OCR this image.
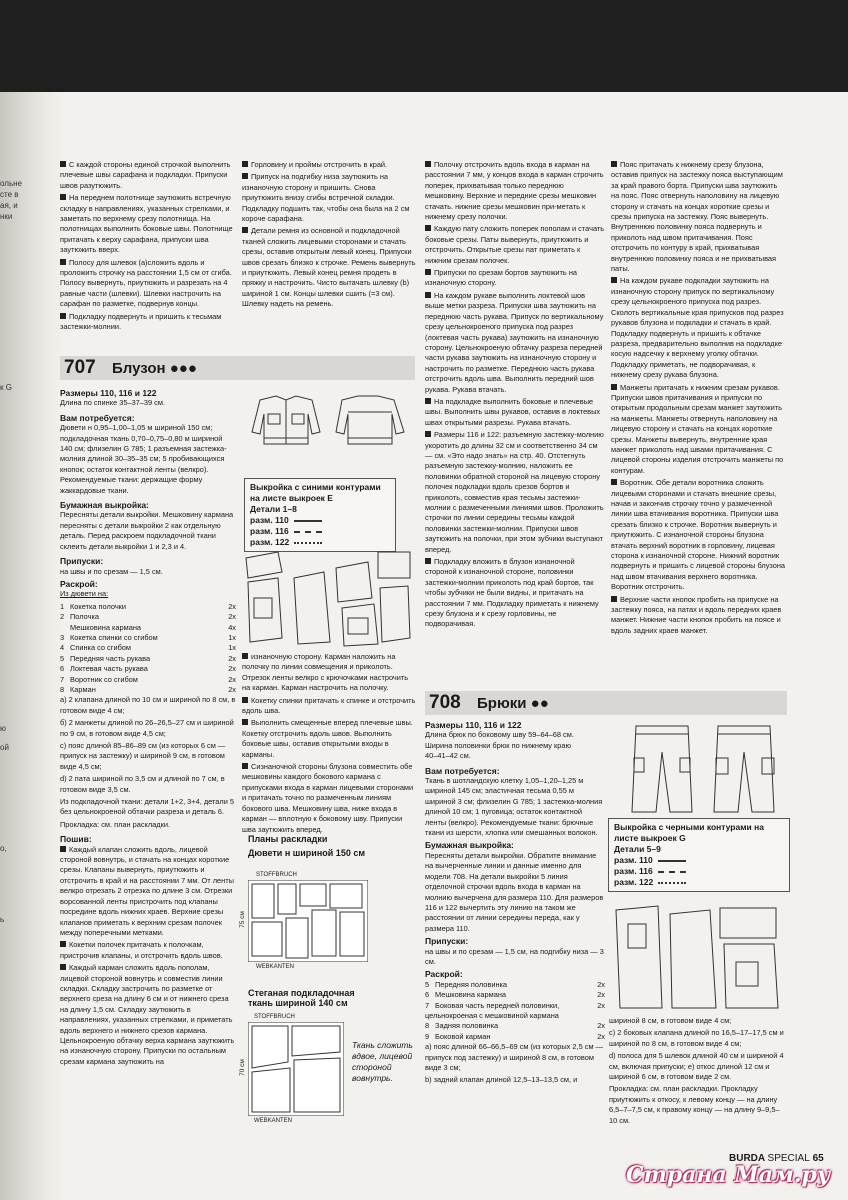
ольнесте вая, инки
к G
ю
ой
о,
ь

С каждой стороны единой строчкой выполнить плечевые швы сарафана и подкладки. Припуски швов разутюжить.

На переднем полотнище заутюжить встречную складку в направлениях, указанных стрелками, и заметать по верхнему срезу полотнища. На полотнищах выполнить боковые швы. Полотнище притачать к верху сарафана, припуски шва заутюжить вверх.

Полосу для шлевок (а)сложить вдоль и проложить строчку на расстоянии 1,5 см от сгиба. Полосу вывернуть, приутюжить и разрезать на 4 равные части (шлевки). Шлевки настрочить на сарафан по разметке, подвернув концы.

Подкладку подвернуть и пришить к тесьмам застежки-молнии.

707 Блузон ●●●
Размеры 110, 116 и 122

Длина по спинке 35–37–39 см.

Вам потребуется:

Дювети н 0,95–1,00–1,05 м шириной 150 см; подкладочная ткань 0,70–0,75–0,80 м шириной 140 см; флизелин G 785; 1 разъемная застежка-молния длиной 30–35–35 см; 5 пробивающихся кнопок; остаток контактной ленты (велкро). Рекомендуемые ткани: держащие форму жаккардовые ткани.

Бумажная выкройка:

Пересняты детали выкройки. Мешковину кармана пересняты с детали выкройки 2 как отдельную деталь. Перед раскроем подкладочной ткани склеить детали выкройки 1 и 2,3 и 4.

Припуски:

на швы и по срезам — 1,5 см.

Раскрой:

Из дювети на:

1 Кокетка полочки	2х
2 Полочка	2х
Мешковина кармана	4х
3 Кокетка спинки со сгибом	1х
4 Спинка со сгибом	1х
5 Передняя часть рукава	2х
6 Локтевая часть рукава	2х
7 Воротник со сгибом	2х
8 Карман	2х

а) 2 клапана длиной по 10 см и шириной по 8 см, в готовом виде 4 см;

б) 2 манжеты длиной по 26–26,5–27 см и шириной по 9 см, в готовом виде 4,5 см;

с) пояс длиной 85–86–89 см (из которых 6 см — припуск на застежку) и шириной 9 см, в готовом виде 4,5 см;

d) 2 пата шириной по 3,5 см и длиной по 7 см, в готовом виде 3,5 см.

Из подкладочной ткани: детали 1+2, 3+4, детали 5 без цельнокроеной обтачки разреза и деталь 6.

Прокладка: см. план раскладки.

Пошив:

Каждый клапан сложить вдоль, лицевой стороной вовнутрь, и стачать на концах короткие срезы. Клапаны вывернуть, приутюжить и отстрочить в край и на расстоянии 7 мм. От ленты велкро отрезать 2 отрезка по длине 3 см. Отрезки ворсованной ленты пристрочить под клапаны посредине вдоль нижних краев. Верхние срезы клапанов приметать к верхним срезам полочек между поперечными метками.

Кокетки полочек притачать к полочкам, пристрочив клапаны, и отстрочить вдоль швов.

Каждый карман сложить вдоль пополам, лицевой стороной вовнутрь и совместив линии складки. Складку застрочить по разметке от верхнего среза на длину 6 см и от нижнего среза на длину 1,5 см. Складку заутюжить в направлениях, указанных стрелками, и приметать вдоль верхнего и нижнего срезов кармана. Цельнокроеную обтачку верха кармана заутюжить на изнаночную сторону. Припуски по остальным срезам кармана заутюжить на

Горловину и проймы отстрочить в край.

Припуск на подгибку низа заутюжить на изнаночную сторону и пришить. Снова приутюжить внизу сгибы встречной складки. Подкладку подшить так, чтобы она была на 2 см короче сарафана.

Детали ремня из основной и подкладочной тканей сложить лицевыми сторонами и стачать срезы, оставив открытым левый конец. Припуски швов срезать близко к строчке. Ремень вывернуть и приутюжить. Левый конец ремня продеть в пряжку и настрочить. Чисто вытачать шлевку (b) шириной 1 см. Концы шлевки сшить (=3 см). Шлевку надеть на ремень.

Выкройка с синими контурами на листе выкроек E
Детали 1–8
разм. 110
разм. 116
разм. 122

изнаночную сторону. Карман наложить на полочку по линии совмещения и приколоть. Отрезок ленты велкро с крючочками настрочить на карман. Карман настрочить на полочку.

Кокетку спинки притачать к спинке и отстрочить вдоль шва.

Выполнить смещенные вперед плечевые швы. Кокетку отстрочить вдоль швов. Выполнить боковые швы, оставив открытыми входы в карманы.

Сизнаночной стороны блузона совместить обе мешковины каждого бокового кармана с припусками входа в карман лицевыми сторонами и притачать точно по размеченным линиям бокового шва. Мешковину шва, ниже входа в карман — вплотную к боковому шву. Припуски шва заутюжить вперед.

Планы раскладки
Дювети н шириной 150 см
STOFFBRUCH
75 см
WEBKANTEN
Стеганая подкладочная ткань шириной 140 см
STOFFBRUCH
70 см
WEBKANTEN
Ткань сложить вдвое, лицевой стороной вовнутрь.

Полочку отстрочить вдоль входа в карман на расстоянии 7 мм, у концов входа в карман строчить поперек, прихватывая только переднюю мешковину. Верхние и передние срезы мешковин стачать. нижние срезы мешковин при-метать к нижнему срезу полочки.

Каждую пату сложить поперек пополам и стачать боковые срезы. Паты вывернуть, приутюжить и отстрочить. Открытые срезы пат приметать к нижним срезам полочек.

Припуски по срезам бортов заутюжить на изнаночную сторону.

На каждом рукаве выполнить локтевой шов выше метки разреза. Припуски шва заутюжить на переднюю часть рукава. Припуск по вертикальному срезу цельнокроеного припуска под разрез (локтевая часть рукава) заутюжить на изнаночную сторону. Цельнокроеную обтачку разреза передней части рукава заутюжить на изнаночную сторону и настрочить по разметке. Переднюю часть рукава отстрочить вдоль шва. Выполнить передний шов рукава. Рукава втачать.

На подкладке выполнить боковые и плечевые швы. Выполнить швы рукавов, оставив в локтевых швах открытыми разрезы. Рукава втачать.

Размеры 116 и 122: разъемную застежку-молнию укоротить до длины 32 см и соответственно 34 см — см. «Это надо знать» на стр. 40. Отстегнуть разъемную застежку-молнию, наложить ее половинки обратной стороной на лицевую сторону полочек подкладки вдоль срезов бортов и приколоть, совместив края тесьмы застежки-молнии с размеченными линиями швов. Проложить строчки по линии середины тесьмы каждой половинки застежки-молнии. Припуски швов заутюжить на полочки, при этом зубчики выступают вперед.

Подкладку вложить в блузон изнаночной стороной к изнаночной стороне, половинки застежки-молнии приколоть под край бортов, так чтобы зубчики не были видны, и притачать на расстоянии 7 мм. Подкладку приметать к нижнему срезу блузона и к срезу горловины, не подворачивая.

Пояс притачать к нижнему срезу блузона, оставив припуск на застежку пояса выступающим за край правого борта. Припуски шва заутюжить на пояс. Пояс отвернуть наполовину на лицевую сторону и стачать на концах короткие срезы и срезы припуска на застежку. Пояс вывернуть. Внутреннюю половинку пояса подвернуть и приколоть над швом притачивания. Пояс отстрочить по контуру в край, прихватывая внутреннюю половинку пояса и не прихватывая паты.

На каждом рукаве подкладки заутюжить на изнаночную сторону припуск по вертикальному срезу цельнокроеного припуска под разрез. Сколоть вертикальные края припусков под разрез рукавов блузона и подкладки и стачать в край. Подкладку подвернуть и пришить к обтачке разреза, предварительно выполнив на подкладке косую надсечку к верхнему уголку обтачки. Подкладку приметать, не подворачивая, к нижнему срезу рукава блузона.

Манжеты притачать к нижним срезам рукавов. Припуски швов притачивания и припуски по открытым продольным срезам манжет заутюжить на манжеты. Манжеты отвернуть наполовину на лицевую сторону и стачать на концах короткие срезы. Манжеты вывернуть, внутренние края манжет приколоть над швами притачивания. С лицевой стороны изделия отстрочить манжеты по контурам.

Воротник. Обе детали воротника сложить лицевыми сторонами и стачать внешние срезы, начав и закончив строчку точно у размеченной линии шва втачивания воротника. Припуски шва срезать близко к строчке. Воротник вывернуть и приутюжить. С изнаночной стороны блузона втачать верхний воротник в горловину, лицевая сторона к изнаночной стороне. Нижний воротник подвернуть и пришить с лицевой стороны блузона над швом втачивания верхнего воротника. Воротник отстрочить.

Верхние части кнопок пробить на припуске на застежку пояса, на патах и вдоль передних краев манжет. Нижние части кнопок пробить на поясе и вдоль задних краев манжет.

708 Брюки ●●
Размеры 110, 116 и 122

Длина брюк по боковому шву 59–64–68 см. Ширина половинки брюк по нижнему краю 40–41–42 см.

Вам потребуется:

Ткань в шотландскую клетку 1,05–1,20–1,25 м шириной 145 см; эластичная тесьма 0,55 м шириной 3 см; флизелин G 785; 1 застежка-молния длиной 10 см; 1 пуговица; остаток контактной ленты (велкро). Рекомендуемые ткани: брючные ткани из шерсти, хлопка или смешанных волокон.

Бумажная выкройка:

Пересняты детали выкройки. Обратите внимание на вычерченные линии и данные именно для модели 708. На детали выкройки 5 линия отделочной строчки вдоль входа в карман на молнию вычерчена для размера 110. Для размеров 116 и 122 вычертить эту линию на таком же расстоянии от линии середины переда, как у размера 110.

Припуски:

на швы и по срезам — 1,5 см, на подгибку низа — 3 см.

Раскрой:
5 Передняя половинка	2х
6 Мешковина кармана	2х
7 Боковая часть передней половинки, цельнокроеная с мешковиной кармана
2х
8 Задняя половинка	2х
9 Боковой карман	2х

а) пояс длиной 66–66,5–69 см (из которых 2,5 см — припуск под застежку) и шириной 8 см, в готовом виде 3 см;

b) задний клапан длиной 12,5–13–13,5 см, и

Выкройка с черными контурами на листе выкроек G
Детали 5–9
разм. 110
разм. 116
разм. 122

шириной 8 см, в готовом виде 4 см;

с) 2 боковых клапана длиной по 16,5–17–17,5 см и шириной по 8 см, в готовом виде 4 см;

d) полоса для 5 шлевок длиной 40 см и шириной 4 см, включая припуски; е) откос длиной 12 см и шириной 6 см, в готовом виде 2 см.

Прокладка: см. план раскладки. Прокладку приутюжить к откосу, к левому концу — на длину 6,5–7–7,5 см, к правому концу — на длину 9–9,5–10 см.

BURDA SPECIAL 65
Страна Мам.ру
